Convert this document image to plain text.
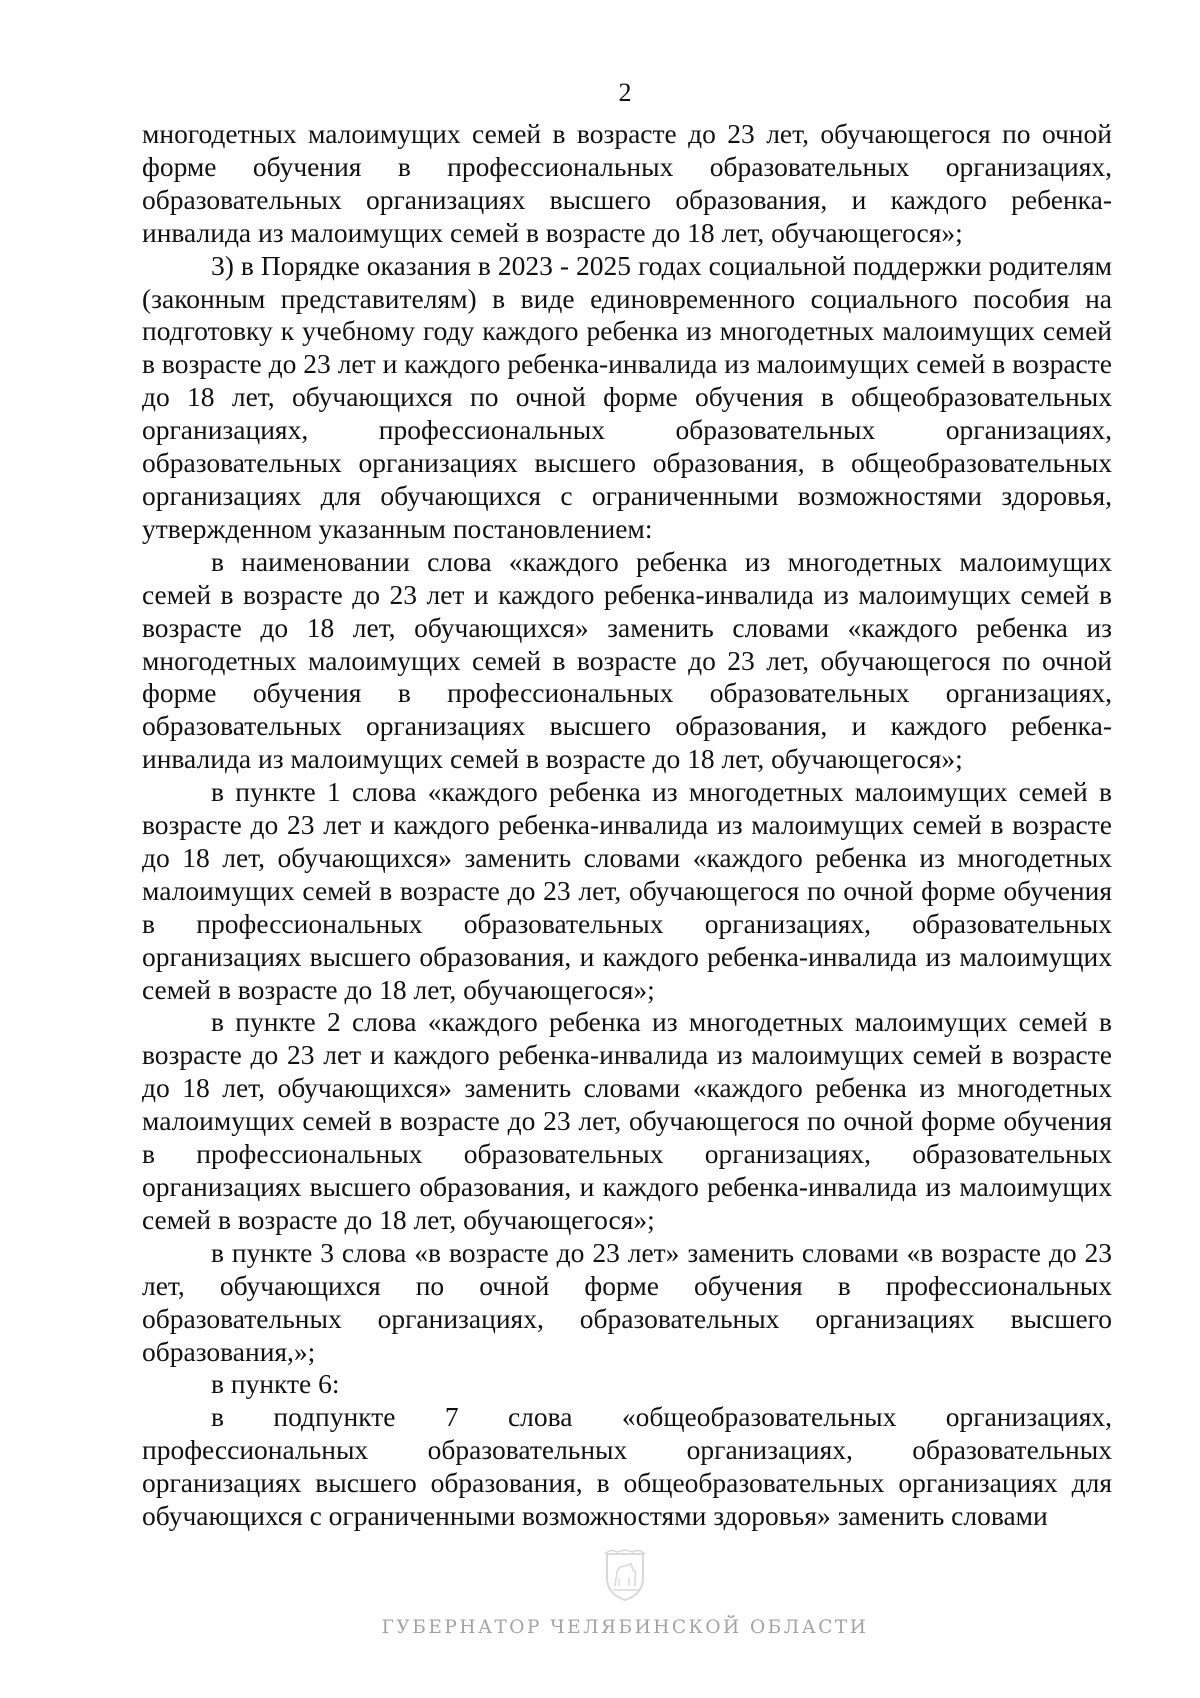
2

многодетных малоимущих семей в возрасте до 23 лет, обучающегося по очной форме обучения в профессиональных образовательных организациях, образовательных организациях высшего образования, и каждого ребенка-инвалида из малоимущих семей в возрасте до 18 лет, обучающегося»;

3) в Порядке оказания в 2023 - 2025 годах социальной поддержки родителям (законным представителям) в виде единовременного социального пособия на подготовку к учебному году каждого ребенка из многодетных малоимущих семей в возрасте до 23 лет и каждого ребенка-инвалида из малоимущих семей в возрасте до 18 лет, обучающихся по очной форме обучения в общеобразовательных организациях, профессиональных образовательных организациях, образовательных организациях высшего образования, в общеобразовательных организациях для обучающихся с ограниченными возможностями здоровья, утвержденном указанным постановлением:

в наименовании слова «каждого ребенка из многодетных малоимущих семей в возрасте до 23 лет и каждого ребенка-инвалида из малоимущих семей в возрасте до 18 лет, обучающихся» заменить словами «каждого ребенка из многодетных малоимущих семей в возрасте до 23 лет, обучающегося по очной форме обучения в профессиональных образовательных организациях, образовательных организациях высшего образования, и каждого ребенка-инвалида из малоимущих семей в возрасте до 18 лет, обучающегося»;

в пункте 1 слова «каждого ребенка из многодетных малоимущих семей в возрасте до 23 лет и каждого ребенка-инвалида из малоимущих семей в возрасте до 18 лет, обучающихся» заменить словами «каждого ребенка из многодетных малоимущих семей в возрасте до 23 лет, обучающегося по очной форме обучения в профессиональных образовательных организациях, образовательных организациях высшего образования, и каждого ребенка-инвалида из малоимущих семей в возрасте до 18 лет, обучающегося»;

в пункте 2 слова «каждого ребенка из многодетных малоимущих семей в возрасте до 23 лет и каждого ребенка-инвалида из малоимущих семей в возрасте до 18 лет, обучающихся» заменить словами «каждого ребенка из многодетных малоимущих семей в возрасте до 23 лет, обучающегося по очной форме обучения в профессиональных образовательных организациях, образовательных организациях высшего образования, и каждого ребенка-инвалида из малоимущих семей в возрасте до 18 лет, обучающегося»;

в пункте 3 слова «в возрасте до 23 лет» заменить словами «в возрасте до 23 лет, обучающихся по очной форме обучения в профессиональных образовательных организациях, образовательных организациях высшего образования,»;

в пункте 6:

в подпункте 7 слова «общеобразовательных организациях, профессиональных образовательных организациях, образовательных организациях высшего образования, в общеобразовательных организациях для обучающихся с ограниченными возможностями здоровья» заменить словами

ГУБЕРНАТОР ЧЕЛЯБИНСКОЙ ОБЛАСТИ
